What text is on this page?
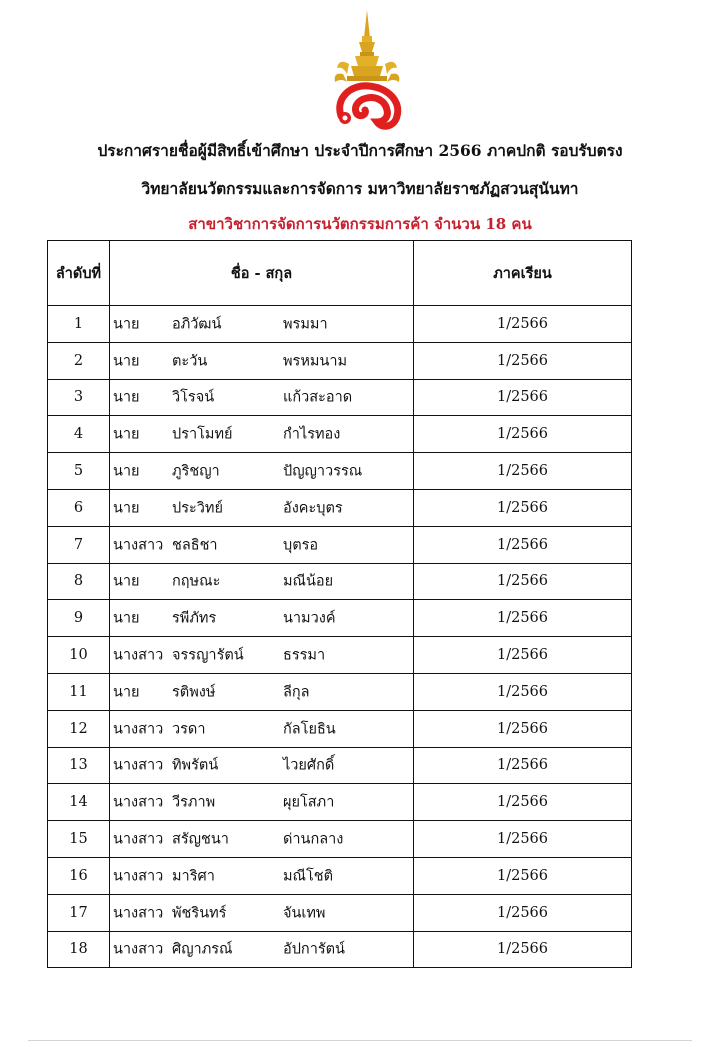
ประกาศรายชื่อผู้มีสิทธิ์เข้าศึกษา ประจำปีการศึกษา 2566 ภาคปกติ รอบรับตรง
วิทยาลัยนวัตกรรมและการจัดการ มหาวิทยาลัยราชภัฏสวนสุนันทา
สาขาวิชาการจัดการนวัตกรรมการค้า จำนวน 18 คน
ลำดับที่	ชื่อ - สกุล	ภาคเรียน
1	นาย อภิวัฒน์ พรมมา	1/2566
2	นาย ตะวัน พรหมนาม	1/2566
3	นาย วิโรจน์ แก้วสะอาด	1/2566
4	นาย ปราโมทย์ กำไรทอง	1/2566
5	นาย ภูริชญา ปัญญาวรรณ	1/2566
6	นาย ประวิทย์ อังคะบุตร	1/2566
7	นางสาว ชลธิชา บุตรอ	1/2566
8	นาย กฤษณะ มณีน้อย	1/2566
9	นาย รพีภัทร นามวงค์	1/2566
10	นางสาว จรรญารัตน์ ธรรมา	1/2566
11	นาย รติพงษ์ ลีกุล	1/2566
12	นางสาว วรดา กัลโยธิน	1/2566
13	นางสาว ทิพรัตน์ ไวยศักดิ์	1/2566
14	นางสาว วีรภาพ ผุยโสภา	1/2566
15	นางสาว สรัญชนา ด่านกลาง	1/2566
16	นางสาว มาริศา มณีโชติ	1/2566
17	นางสาว พัชรินทร์ จันเทพ	1/2566
18	นางสาว ศิญาภรณ์ อัปการัตน์	1/2566
